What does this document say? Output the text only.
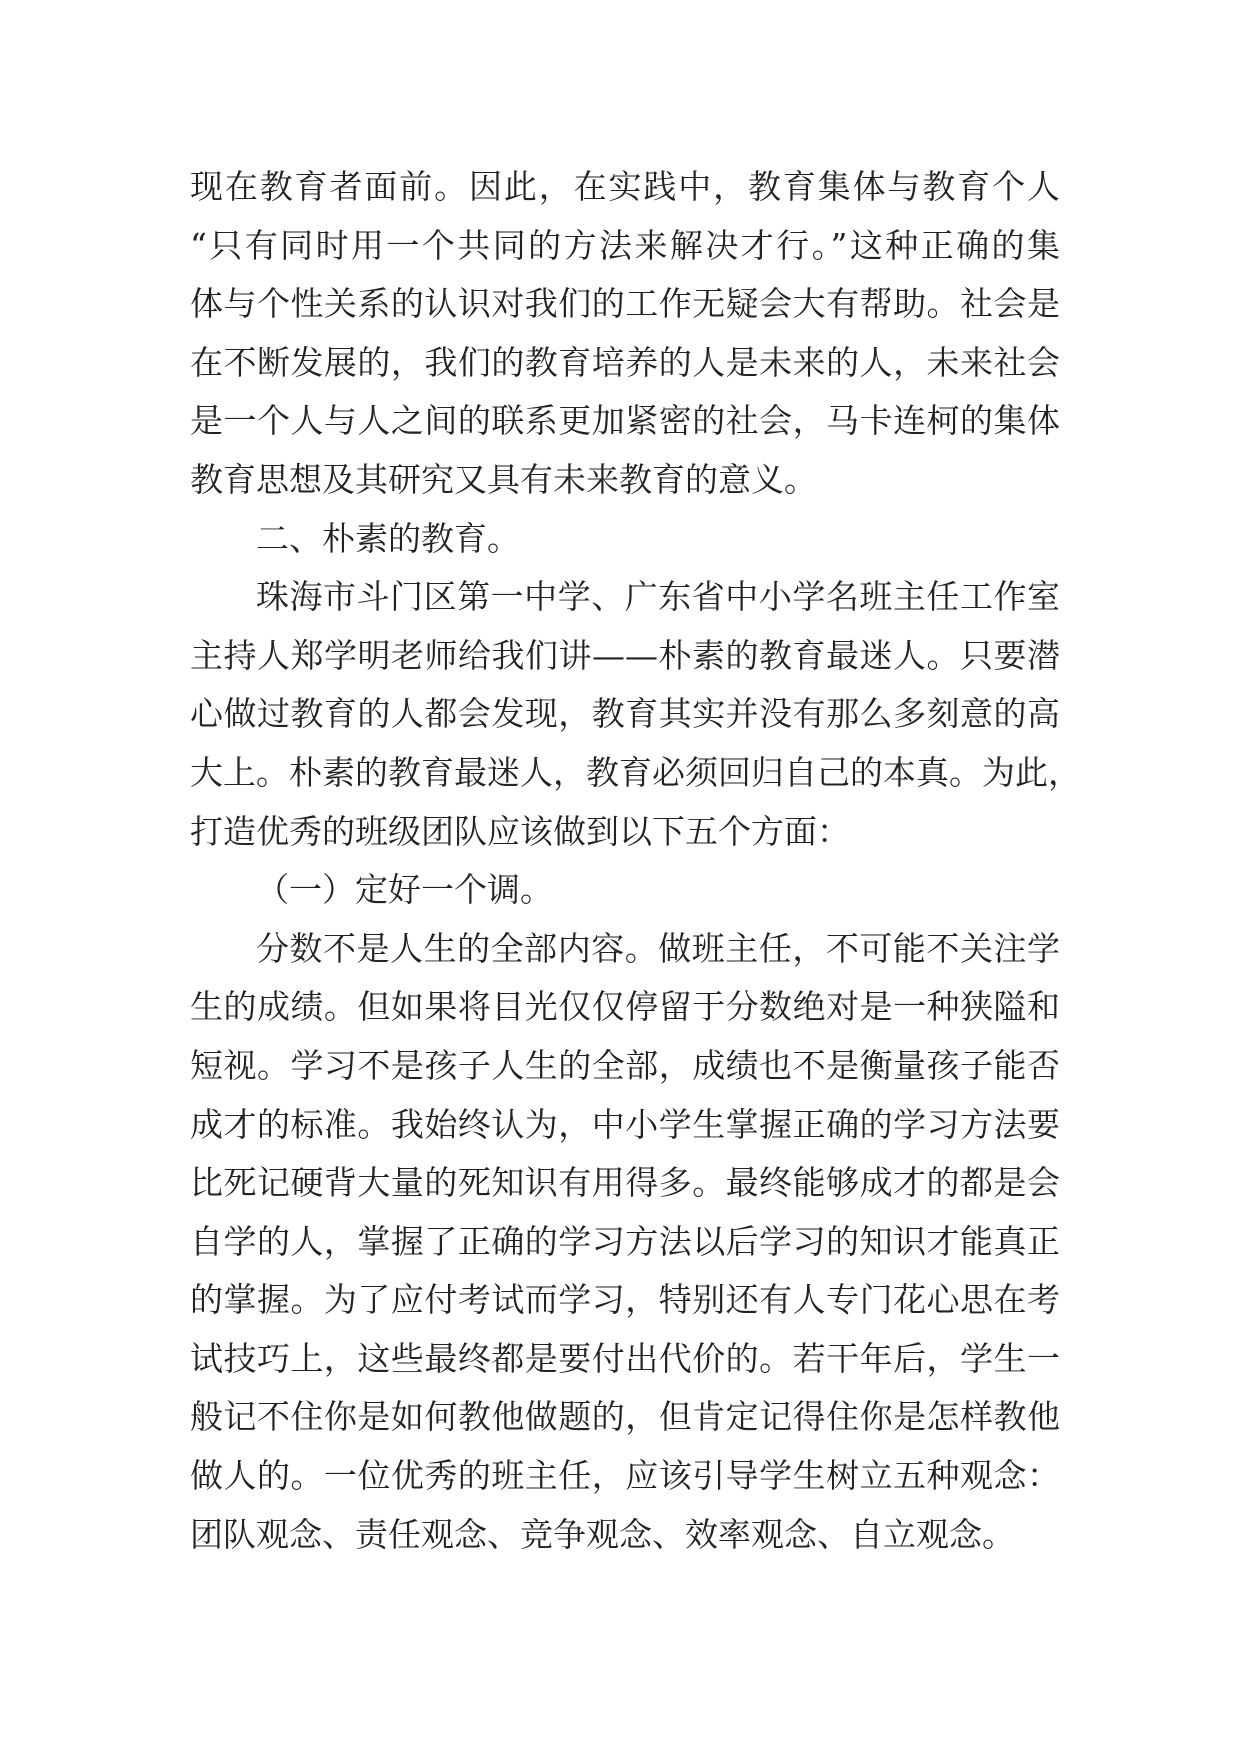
现在教育者面前。因此，在实践中，教育集体与教育个人
“只有同时用一个共同的方法来解决才行。”这种正确的集
体与个性关系的认识对我们的工作无疑会大有帮助。社会是
在不断发展的，我们的教育培养的人是未来的人，未来社会
是一个人与人之间的联系更加紧密的社会，马卡连柯的集体
教育思想及其研究又具有未来教育的意义。
二、朴素的教育。
珠海市斗门区第一中学、广东省中小学名班主任工作室
主持人郑学明老师给我们讲——朴素的教育最迷人。只要潜
心做过教育的人都会发现，教育其实并没有那么多刻意的高
大上。朴素的教育最迷人，教育必须回归自己的本真。为此，
打造优秀的班级团队应该做到以下五个方面：
（一）定好一个调。
分数不是人生的全部内容。做班主任，不可能不关注学
生的成绩。但如果将目光仅仅停留于分数绝对是一种狭隘和
短视。学习不是孩子人生的全部，成绩也不是衡量孩子能否
成才的标准。我始终认为，中小学生掌握正确的学习方法要
比死记硬背大量的死知识有用得多。最终能够成才的都是会
自学的人，掌握了正确的学习方法以后学习的知识才能真正
的掌握。为了应付考试而学习，特别还有人专门花心思在考
试技巧上，这些最终都是要付出代价的。若干年后，学生一
般记不住你是如何教他做题的，但肯定记得住你是怎样教他
做人的。一位优秀的班主任，应该引导学生树立五种观念：
团队观念、责任观念、竞争观念、效率观念、自立观念。
